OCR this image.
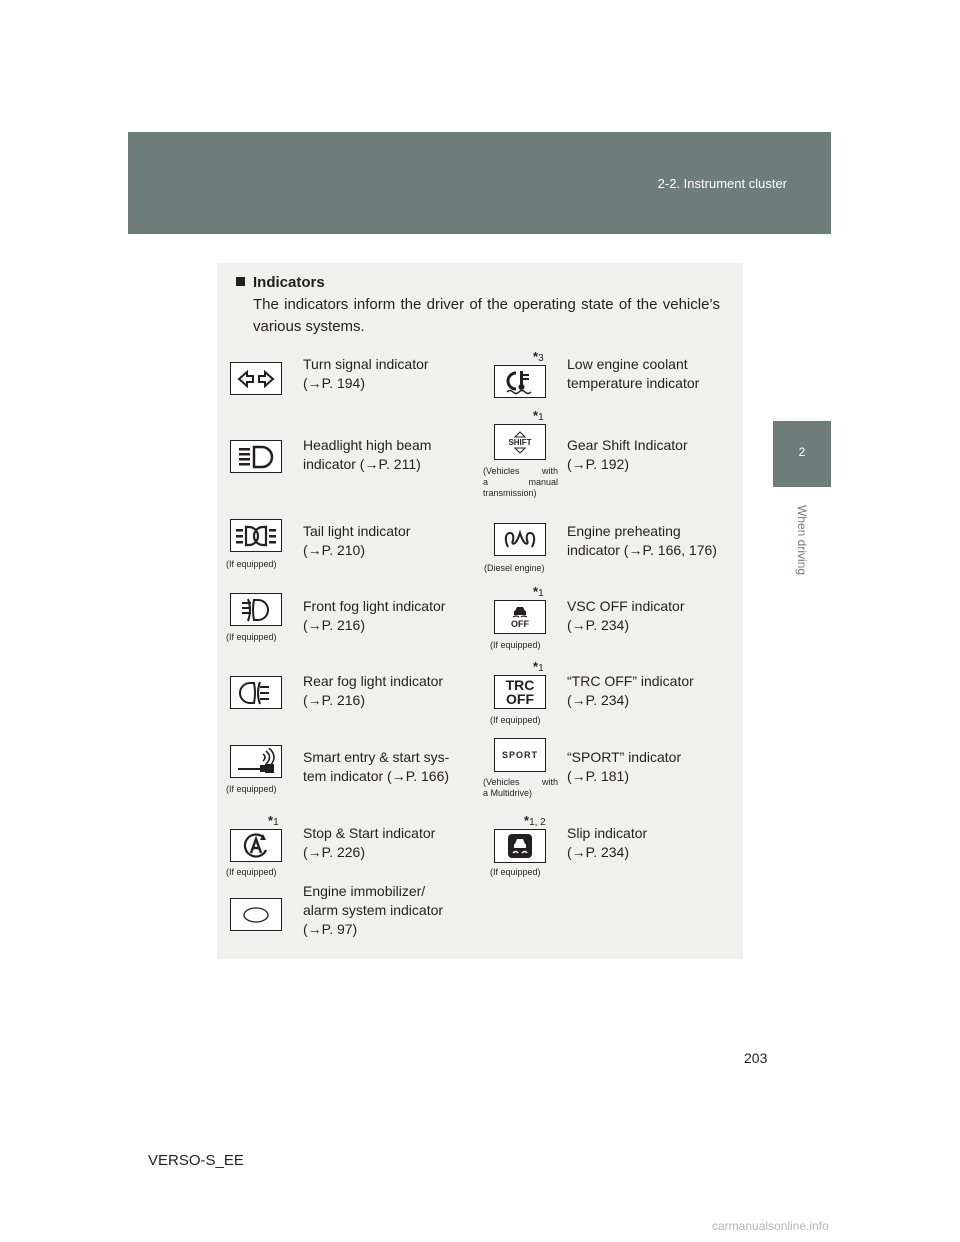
2-2. Instrument cluster
2
When driving
Indicators
The indicators inform the driver of the operating state of the vehicle’s various systems.
Turn signal indicator
(→P. 194)
*3 Low engine coolant
temperature indicator
Headlight high beam
indicator (→P. 211)
*1
SHIFT
(Vehicles with
a manual
transmission)
Gear Shift Indicator
(→P. 192)
(If equipped)
Tail light indicator
(→P. 210)
(Diesel engine)
Engine preheating
indicator (→P. 166, 176)
(If equipped)
Front fog light indicator
(→P. 216)
*1
OFF
(If equipped)
VSC OFF indicator
(→P. 234)
Rear fog light indicator
(→P. 216)
*1
TRC
OFF
(If equipped)
“TRC OFF” indicator
(→P. 234)
(If equipped)
Smart entry & start sys-
tem indicator (→P. 166)
SPORT
(Vehicles with
a Multidrive)
“SPORT” indicator
(→P. 181)
*1
(If equipped)
Stop & Start indicator
(→P. 226)
*1, 2
(If equipped)
Slip indicator
(→P. 234)
Engine immobilizer/
alarm system indicator
(→P. 97)
203
VERSO-S_EE
carmanualsonline.info
